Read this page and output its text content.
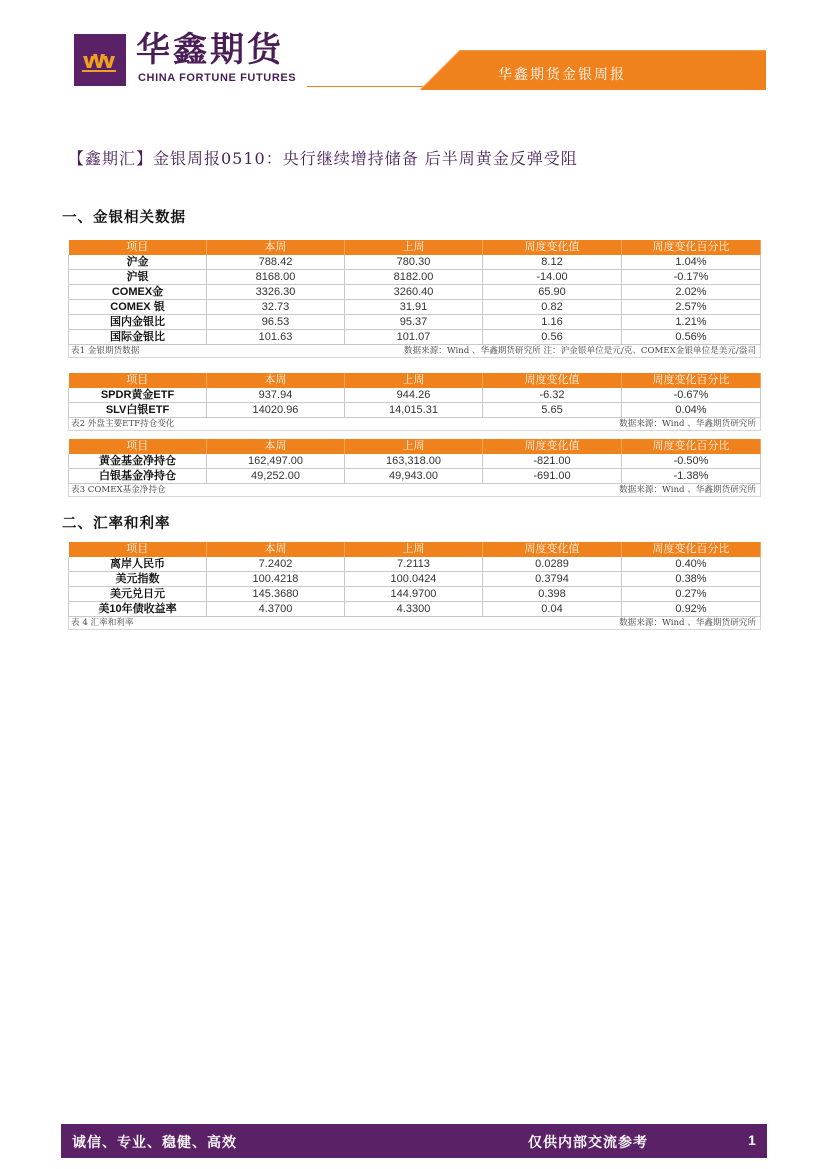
华鑫期货
CHINA FORTUNE FUTURES	华鑫期货金银周报
【鑫期汇】金银周报0510：央行继续增持储备 后半周黄金反弹受阻
一、金银相关数据
项目	本周	上周	周度变化值	周度变化百分比
沪金	788.42	780.30	8.12	1.04%
沪银	8168.00	8182.00	-14.00	-0.17%
COMEX金	3326.30	3260.40	65.90	2.02%
COMEX 银	32.73	31.91	0.82	2.57%
国内金银比	96.53	95.37	1.16	1.21%
国际金银比	101.63	101.07	0.56	0.56%
表1 金银期货数据 数据来源：Wind 、华鑫期货研究所 注：沪金银单位是元/克、COMEX金银单位是美元/盎司				
项目	本周	上周	周度变化值	周度变化百分比
SPDR黄金ETF	937.94	944.26	-6.32	-0.67%
SLV白银ETF	14020.96	14,015.31	5.65	0.04%
表2 外盘主要ETF持仓变化 数据来源：Wind 、华鑫期货研究所				
项目	本周	上周	周度变化值	周度变化百分比
黄金基金净持仓	162,497.00	163,318.00	-821.00	-0.50%
白银基金净持仓	49,252.00	49,943.00	-691.00	-1.38%
表3 COMEX基金净持仓 数据来源：Wind 、华鑫期货研究所				
二、汇率和利率
项目	本周	上周	周度变化值	周度变化百分比
离岸人民币	7.2402	7.2113	0.0289	0.40%
美元指数	100.4218	100.0424	0.3794	0.38%
美元兑日元	145.3680	144.9700	0.398	0.27%
美10年债收益率	4.3700	4.3300	0.04	0.92%
表 4 汇率和利率 数据来源：Wind 、华鑫期货研究所				
诚信、专业、稳健、高效	仅供内部交流参考	1
